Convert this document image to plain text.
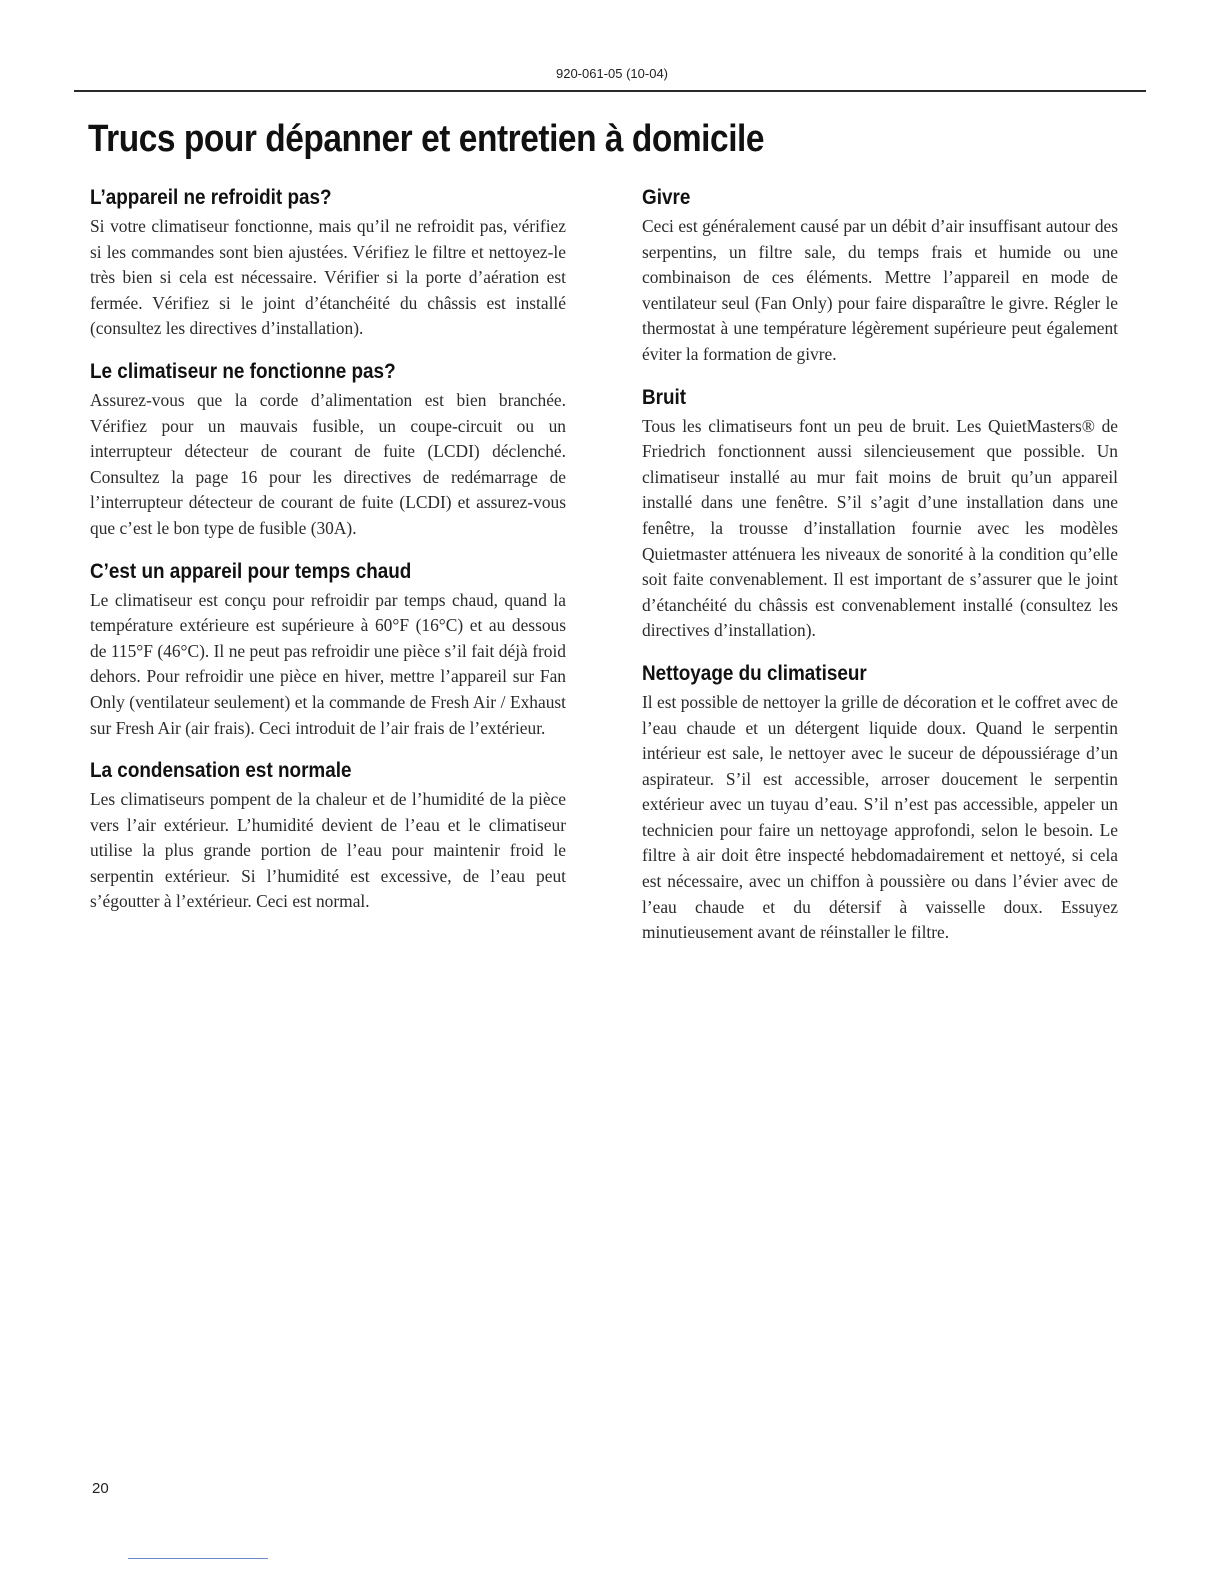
920-061-05 (10-04)
Trucs pour dépanner et entretien à domicile
L’appareil ne refroidit pas?

Si votre climatiseur fonctionne, mais qu’il ne refroidit pas, vérifiez si les commandes sont bien ajustées. Vérifiez le filtre et nettoyez-le très bien si cela est nécessaire. Vérifier si la porte d’aération est fermée. Vérifiez si le joint d’étanchéité du châssis est installé (consultez les directives d’installation).

Le climatiseur ne fonctionne pas?

Assurez-vous que la corde d’alimentation est bien branchée. Vérifiez pour un mauvais fusible, un coupe-circuit ou un interrupteur détecteur de courant de fuite (LCDI) déclenché. Consultez la page 16 pour les directives de redémarrage de l’interrupteur détecteur de courant de fuite (LCDI) et assurez-vous que c’est le bon type de fusible (30A).

C’est un appareil pour temps chaud

Le climatiseur est conçu pour refroidir par temps chaud, quand la température extérieure est supérieure à 60°F (16°C) et au dessous de 115°F (46°C). Il ne peut pas refroidir une pièce s’il fait déjà froid dehors. Pour refroidir une pièce en hiver, mettre l’appareil sur Fan Only (ventilateur seulement) et la commande de Fresh Air / Exhaust sur Fresh Air (air frais). Ceci introduit de l’air frais de l’extérieur.

La condensation est normale

Les climatiseurs pompent de la chaleur et de l’humidité de la pièce vers l’air extérieur. L’humidité devient de l’eau et le climatiseur utilise la plus grande portion de l’eau pour maintenir froid le serpentin extérieur. Si l’humidité est excessive, de l’eau peut s’égoutter à l’extérieur. Ceci est normal.

Givre

Ceci est généralement causé par un débit d’air insuffisant autour des serpentins, un filtre sale, du temps frais et humide ou une combinaison de ces éléments. Mettre l’appareil en mode de ventilateur seul (Fan Only) pour faire disparaître le givre. Régler le thermostat à une température légèrement supérieure peut également éviter la formation de givre.

Bruit

Tous les climatiseurs font un peu de bruit. Les QuietMasters® de Friedrich fonctionnent aussi silencieusement que possible. Un climatiseur installé au mur fait moins de bruit qu’un appareil installé dans une fenêtre. S’il s’agit d’une installation dans une fenêtre, la trousse d’installation fournie avec les modèles Quietmaster atténuera les niveaux de sonorité à la condition qu’elle soit faite convenablement. Il est important de s’assurer que le joint d’étanchéité du châssis est convenablement installé (consultez les directives d’installation).

Nettoyage du climatiseur

Il est possible de nettoyer la grille de décoration et le coffret avec de l’eau chaude et un détergent liquide doux. Quand le serpentin intérieur est sale, le nettoyer avec le suceur de dépoussiérage d’un aspirateur. S’il est accessible, arroser doucement le serpentin extérieur avec un tuyau d’eau. S’il n’est pas accessible, appeler un technicien pour faire un nettoyage approfondi, selon le besoin. Le filtre à air doit être inspecté hebdomadairement et nettoyé, si cela est nécessaire, avec un chiffon à poussière ou dans l’évier avec de l’eau chaude et du détersif à vaisselle doux. Essuyez minutieusement avant de réinstaller le filtre.

20
